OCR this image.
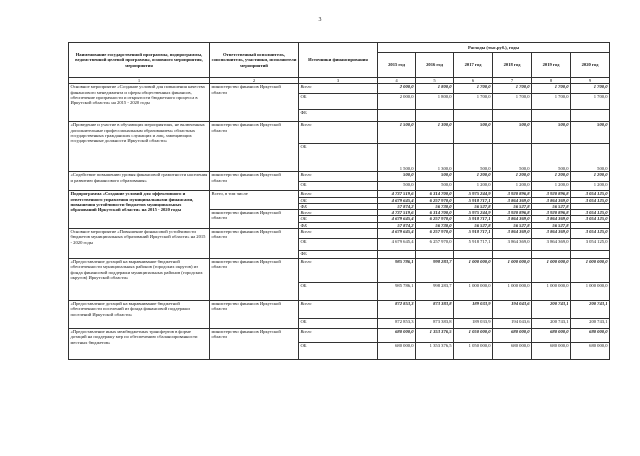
3
Наименование государственной программы, подпрограммы, ведомственной целевой программы, основного мероприятия, мероприятия	Ответственный исполнитель, соисполнитель, участники, исполнители мероприятий	Источники финансирования	Расходы (тыс.руб.), годы					
			2015 год	2016 год	2017 год	2018 год	2019 год	2020 год
1	2	3	4	5	6	7	8	9
Основное мероприятие «Создание условий для повышения качества финансового менеджмента и сферы общественных финансов, обеспечение прозрачности и открытости бюджетного процесса в Иркутской области» на 2015 - 2020 годы	министерство финансов Иркутской области	Всего	2 000,0	1 800,0	1 700,0	1 700,0	1 700,0	1 700,0
		ОБ	2 000,0	1 800,0	1 700,0	1 700,0	1 700,0	1 700,0
		ФБ						
«Проведение и участие в обучающих мероприятиях, не включенных дополнительные профессиональным образованием» областных государственных гражданских служащих и лиц, замещающих государственные должности Иркутской области»	министерство финансов Иркутской области	Всего	1 500,0	1 300,0	500,0	500,0	500,0	500,0
		ОБ	1 500,0	1 300,0	500,0	500,0	500,0	500,0
«Содействие повышению уровня финансовой грамотности населения и развитию финансового образования»	министерство финансов Иркутской области	Всего	500,0	500,0	1 200,0	1 200,0	1 200,0	1 200,0
		ОБ	500,0	500,0	1 200,0	1 200,0	1 200,0	1 200,0
Подпрограмма «Создание условий для эффективного и ответственного управления муниципальными финансами, повышения устойчивости бюджетов муниципальных образований Иркутской области» на 2015 - 2020 годы	Всего, в том числе	Всего	4 737 519,6	6 314 700,0	5 975 244,9	3 920 896,8	3 920 896,8	3 054 125,0
		ОБ	4 679 645,4	6 257 970,0	5 918 717,1	3 864 369,0	3 864 369,0	3 054 125,0
		ФБ	57 874,2	56 730,0	56 527,8	56 527,8	56 527,8	
	министерство финансов Иркутской области	Всего	4 737 519,6	6 314 700,0	5 975 244,9	3 920 896,8	3 920 896,8	3 054 125,0
		ОБ	4 679 645,4	6 257 970,0	5 918 717,1	3 864 369,0	3 864 369,0	3 054 125,0
		ФБ	57 874,2	56 730,0	56 527,8	56 527,8	56 527,8	
Основное мероприятие «Повышение финансовой устойчивости бюджетов муниципальных образований Иркутской области» на 2015 - 2020 годы	министерство финансов Иркутской области	Всего	4 679 645,4	6 257 970,0	5 918 717,1	3 864 369,0	3 864 369,0	3 054 125,0
		ОБ	4 679 645,4	6 257 970,0	5 918 717,1	3 864 369,0	3 864 369,0	3 054 125,0
		ФБ						
«Предоставление дотаций на выравнивание бюджетной обеспеченности муниципальных районов (городских округов) из фонда финансовой поддержки муниципальных районов (городских округов) Иркутской области»	министерство финансов Иркутской области	Всего	985 786,1	998 283,7	1 000 000,0	1 000 000,0	1 000 000,0	1 000 000,0
		ОБ	985 786,1	998 283,7	1 000 000,0	1 000 000,0	1 000 000,0	1 000 000,0
«Предоставление дотаций на выравнивание бюджетной обеспеченности поселений из фонда финансовой поддержки поселений Иркутской области»	министерство финансов Иркутской области	Всего	872 853,3	873 383,8	189 033,9	194 043,6	200 743,1	200 743,1
		ОБ	872 853,3	873 383,8	189 033,9	194 043,6	200 743,1	200 743,1
«Предоставление иных межбюджетных трансфертов в форме дотаций на поддержку мер по обеспечению сбалансированности местных бюджетов»	министерство финансов Иркутской области	Всего	680 000,0	1 353 376,5	1 050 000,0	680 000,0	680 000,0	680 000,0
		ОБ	680 000,0	1 353 376,5	1 050 000,0	680 000,0	680 000,0	680 000,0
